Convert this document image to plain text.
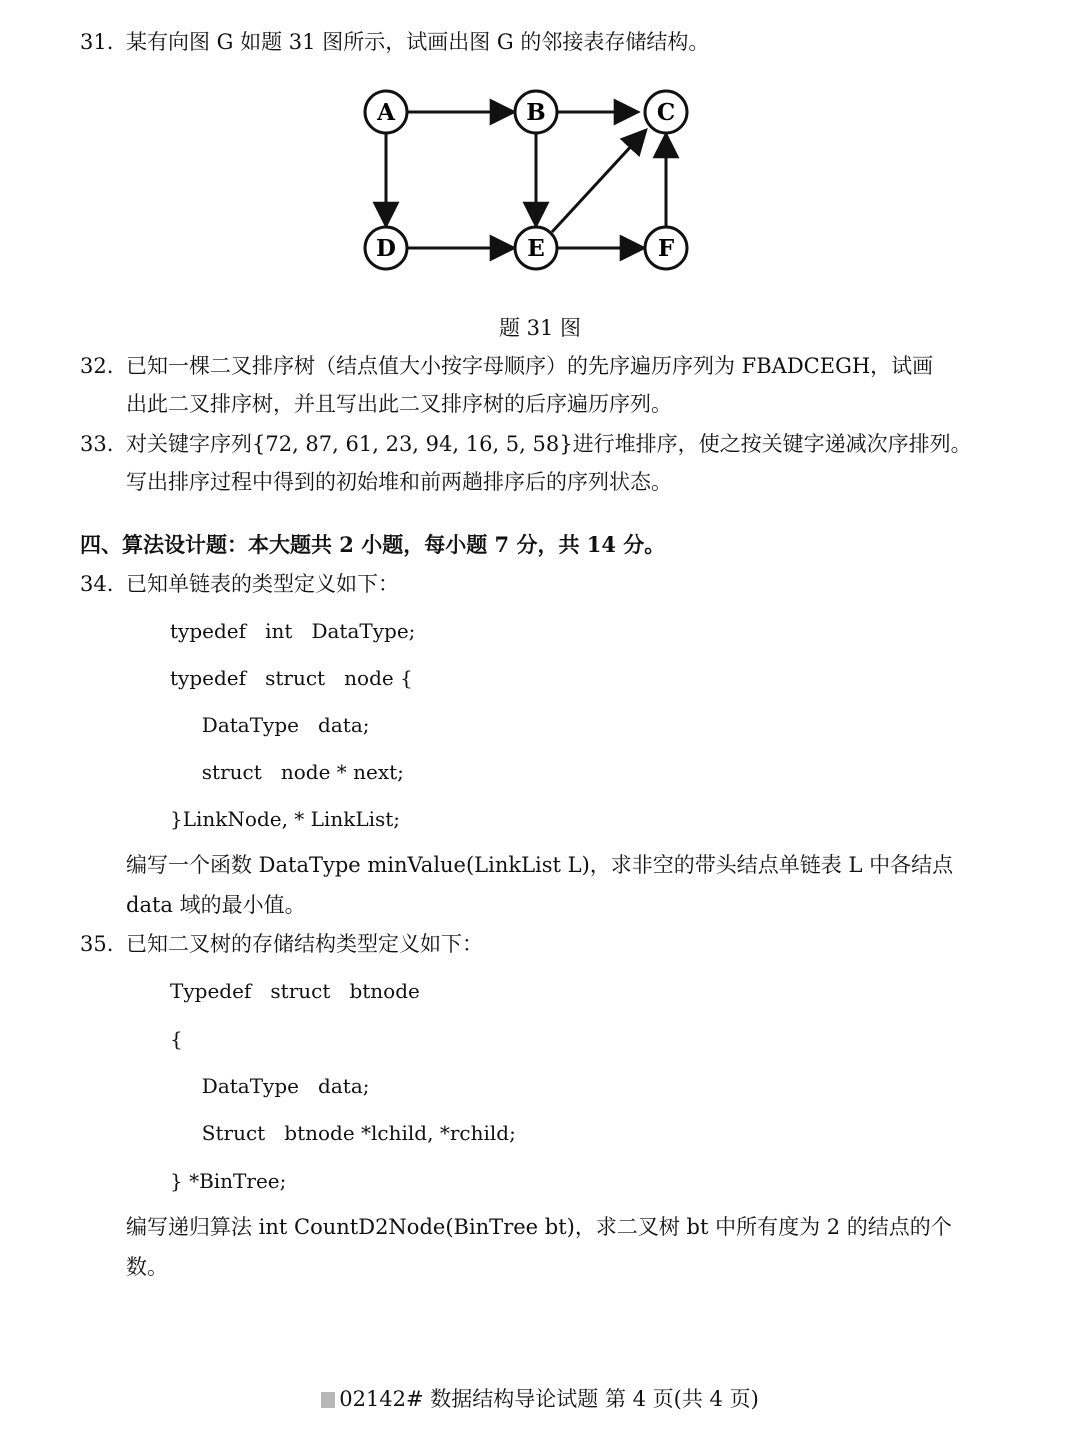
31. 某有向图 G 如题 31 图所示，试画出图 G 的邻接表存储结构。
A	B	C
D	E	F
题 31 图
32. 已知一棵二叉排序树（结点值大小按字母顺序）的先序遍历序列为 FBADCEGH，试画
出此二叉排序树，并且写出此二叉排序树的后序遍历序列。
33. 对关键字序列{72, 87, 61, 23, 94, 16, 5, 58}进行堆排序，使之按关键字递减次序排列。
写出排序过程中得到的初始堆和前两趟排序后的序列状态。
四、算法设计题：本大题共 2 小题，每小题 7 分，共 14 分。
34. 已知单链表的类型定义如下：
typedef   int   DataType;
typedef   struct   node {
DataType   data;
struct   node * next;
}LinkNode, * LinkList;
编写一个函数 DataType minValue(LinkList L)，求非空的带头结点单链表 L 中各结点
data 域的最小值。
35. 已知二叉树的存储结构类型定义如下：
Typedef   struct   btnode
{
DataType   data;
Struct   btnode *lchild, *rchild;
} *BinTree;
编写递归算法 int CountD2Node(BinTree bt)，求二叉树 bt 中所有度为 2 的结点的个
数。
02142# 数据结构导论试题 第 4 页(共 4 页)
